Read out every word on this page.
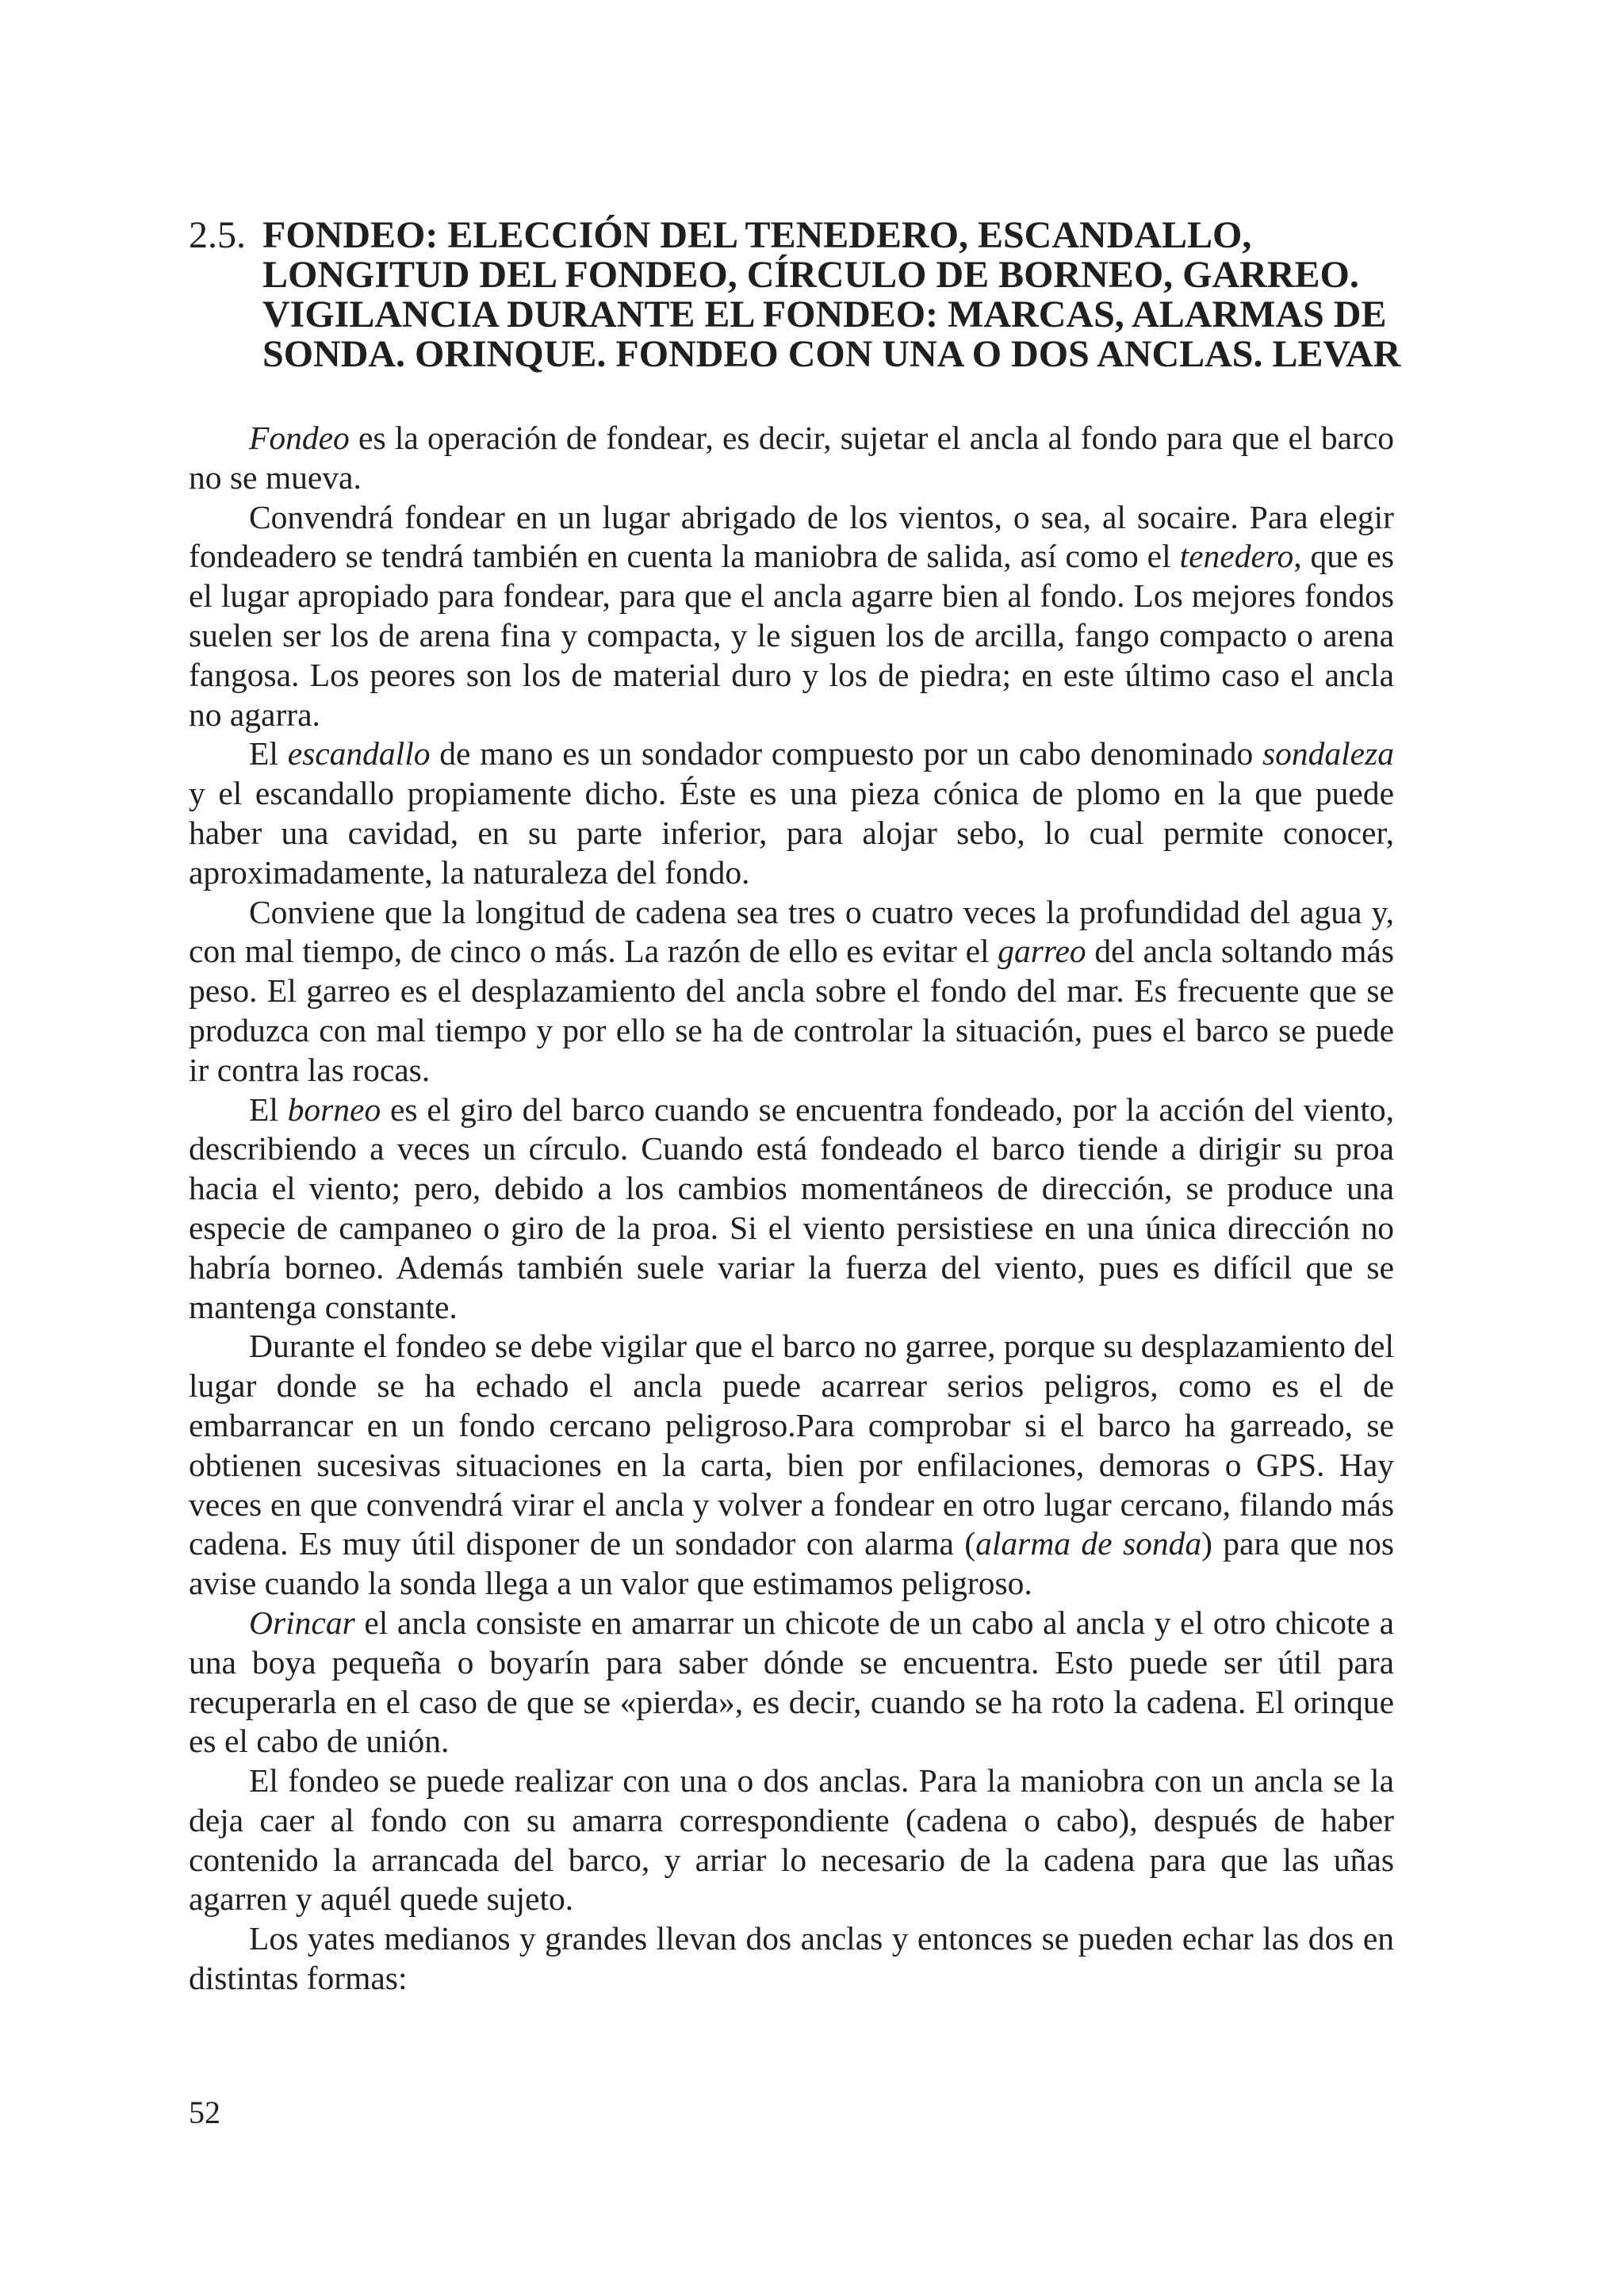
2.5. FONDEO: ELECCIÓN DEL TENEDERO, ESCANDALLO,
LONGITUD DEL FONDEO, CÍRCULO DE BORNEO, GARREO.
VIGILANCIA DURANTE EL FONDEO: MARCAS, ALARMAS DE
SONDA. ORINQUE. FONDEO CON UNA O DOS ANCLAS. LEVAR

Fondeo es la operación de fondear, es decir, sujetar el ancla al fondo para que el barco no se mueva.

Convendrá fondear en un lugar abrigado de los vientos, o sea, al socaire. Para elegir fondeadero se tendrá también en cuenta la maniobra de salida, así como el tenedero, que es el lugar apropiado para fondear, para que el ancla agarre bien al fondo. Los mejores fondos suelen ser los de arena fina y compacta, y le siguen los de arcilla, fango compacto o arena fangosa. Los peores son los de material duro y los de piedra; en este último caso el ancla no agarra.

El escandallo de mano es un sondador compuesto por un cabo denominado sondaleza y el escandallo propiamente dicho. Éste es una pieza cónica de plomo en la que puede haber una cavidad, en su parte inferior, para alojar sebo, lo cual permite conocer, aproximadamente, la naturaleza del fondo.

Conviene que la longitud de cadena sea tres o cuatro veces la profundidad del agua y, con mal tiempo, de cinco o más. La razón de ello es evitar el garreo del ancla soltando más peso. El garreo es el desplazamiento del ancla sobre el fondo del mar. Es frecuente que se produzca con mal tiempo y por ello se ha de controlar la situación, pues el barco se puede ir contra las rocas.

El borneo es el giro del barco cuando se encuentra fondeado, por la acción del viento, describiendo a veces un círculo. Cuando está fondeado el barco tiende a dirigir su proa hacia el viento; pero, debido a los cambios momentáneos de dirección, se produce una especie de campaneo o giro de la proa. Si el viento persistiese en una única dirección no habría borneo. Además también suele variar la fuerza del viento, pues es difícil que se mantenga constante.

Durante el fondeo se debe vigilar que el barco no garree, porque su desplazamiento del lugar donde se ha echado el ancla puede acarrear serios peligros, como es el de embarrancar en un fondo cercano peligroso.Para comprobar si el barco ha garreado, se obtienen sucesivas situaciones en la carta, bien por enfilaciones, demoras o GPS. Hay veces en que convendrá virar el ancla y volver a fondear en otro lugar cercano, filando más cadena. Es muy útil disponer de un sondador con alarma (alarma de sonda) para que nos avise cuando la sonda llega a un valor que estimamos peligroso.

Orincar el ancla consiste en amarrar un chicote de un cabo al ancla y el otro chicote a una boya pequeña o boyarín para saber dónde se encuentra. Esto puede ser útil para recuperarla en el caso de que se «pierda», es decir, cuando se ha roto la cadena. El orinque es el cabo de unión.

El fondeo se puede realizar con una o dos anclas. Para la maniobra con un ancla se la deja caer al fondo con su amarra correspondiente (cadena o cabo), después de haber contenido la arrancada del barco, y arriar lo necesario de la cadena para que las uñas agarren y aquél quede sujeto.

Los yates medianos y grandes llevan dos anclas y entonces se pueden echar las dos en distintas formas:

52
